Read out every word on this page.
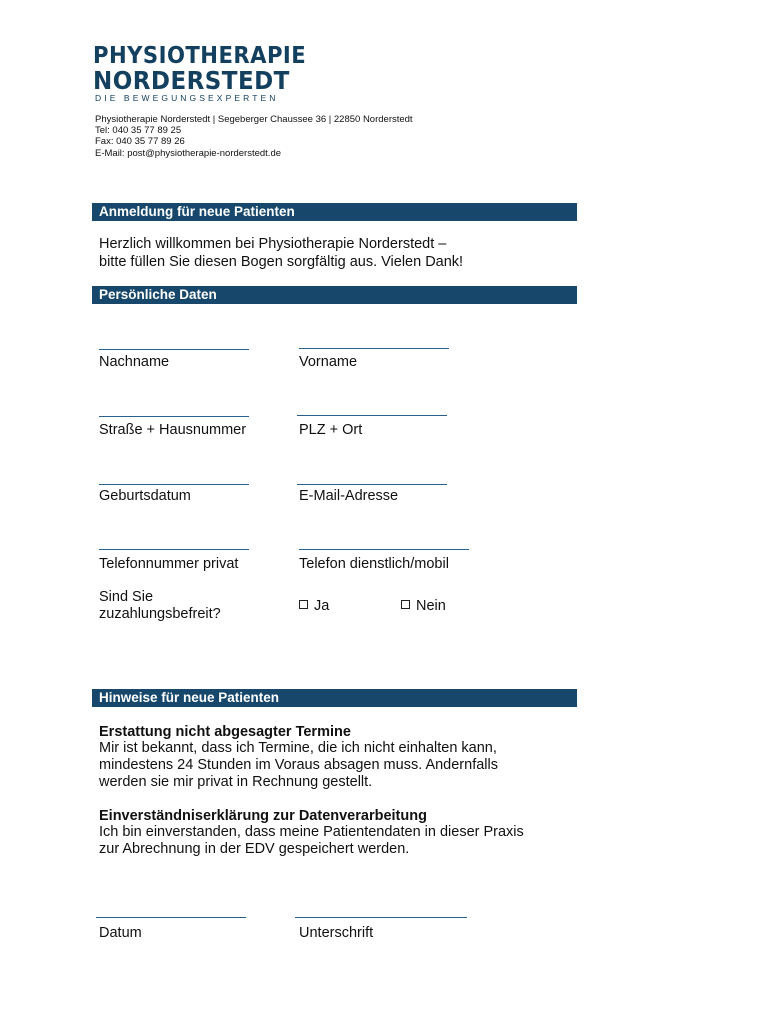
PHYSIOTHERAPIE
NORDERSTEDT
DIE BEWEGUNGSEXPERTEN
Physiotherapie Norderstedt | Segeberger Chaussee 36 | 22850 Norderstedt
Tel: 040 35 77 89 25
Fax: 040 35 77 89 26
E-Mail: post@physiotherapie-norderstedt.de
Anmeldung für neue Patienten
Herzlich willkommen bei Physiotherapie Norderstedt –
bitte füllen Sie diesen Bogen sorgfältig aus. Vielen Dank!
Persönliche Daten
Nachname	Vorname
Straße + Hausnummer	PLZ + Ort
Geburtsdatum	E-Mail-Adresse
Telefonnummer privat	Telefon dienstlich/mobil
Sind Sie
zuzahlungsbefreit?	Ja	Nein
Hinweise für neue Patienten
Erstattung nicht abgesagter Termine
Mir ist bekannt, dass ich Termine, die ich nicht einhalten kann,
mindestens 24 Stunden im Voraus absagen muss. Andernfalls
werden sie mir privat in Rechnung gestellt.
Einverständniserklärung zur Datenverarbeitung
Ich bin einverstanden, dass meine Patientendaten in dieser Praxis
zur Abrechnung in der EDV gespeichert werden.
Datum	Unterschrift
